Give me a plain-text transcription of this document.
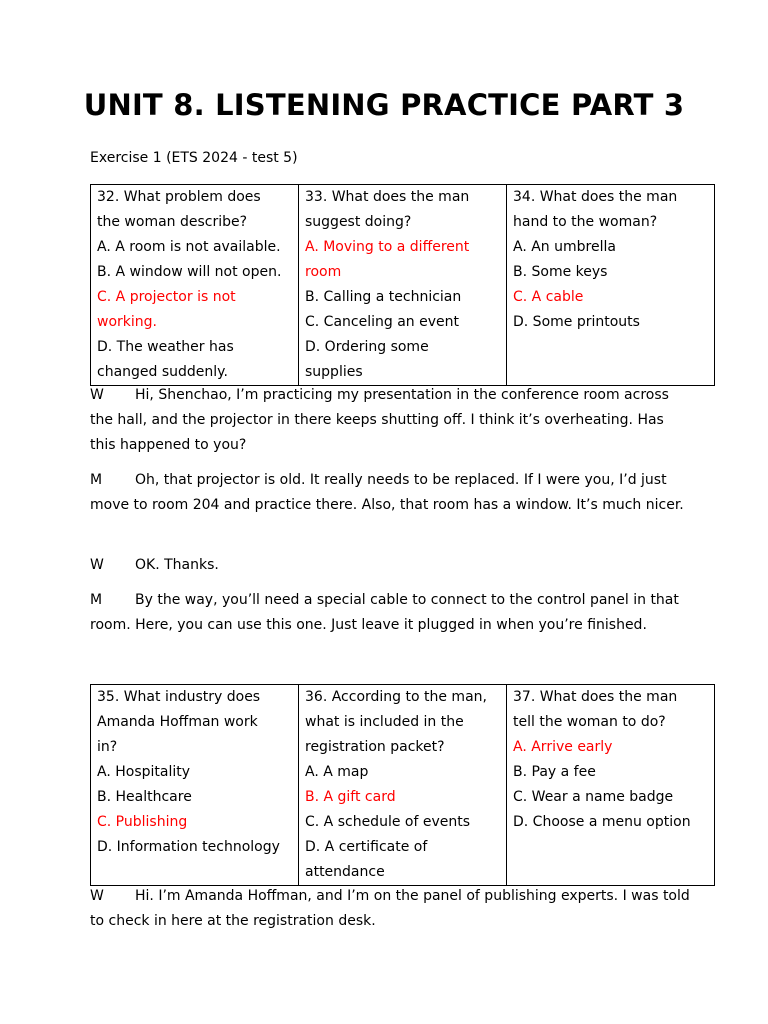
UNIT 8. LISTENING PRACTICE PART 3
Exercise 1 (ETS 2024 - test 5)
32. What problem does
the woman describe?
A. A room is not available.
B. A window will not open.
C. A projector is not
working.
D. The weather has
changed suddenly.

33. What does the man
suggest doing?
A. Moving to a different
room
B. Calling a technician
C. Canceling an event
D. Ordering some
supplies

34. What does the man
hand to the woman?
A. An umbrella
B. Some keys
C. A cable
D. Some printouts
W Hi, Shenchao, I’m practicing my presentation in the conference room across the hall, and the projector in there keeps shutting off. I think it’s overheating. Has this happened to you?
M Oh, that projector is old. It really needs to be replaced. If I were you, I’d just move to room 204 and practice there. Also, that room has a window. It’s much nicer.
W OK. Thanks.
M By the way, you’ll need a special cable to connect to the control panel in that room. Here, you can use this one. Just leave it plugged in when you’re finished.
35. What industry does
Amanda Hoffman work
in?
A. Hospitality
B. Healthcare
C. Publishing
D. Information technology

36. According to the man,
what is included in the
registration packet?
A. A map
B. A gift card
C. A schedule of events
D. A certificate of
attendance

37. What does the man
tell the woman to do?
A. Arrive early
B. Pay a fee
C. Wear a name badge
D. Choose a menu option
W Hi. I’m Amanda Hoffman, and I’m on the panel of publishing experts. I was told to check in here at the registration desk.
